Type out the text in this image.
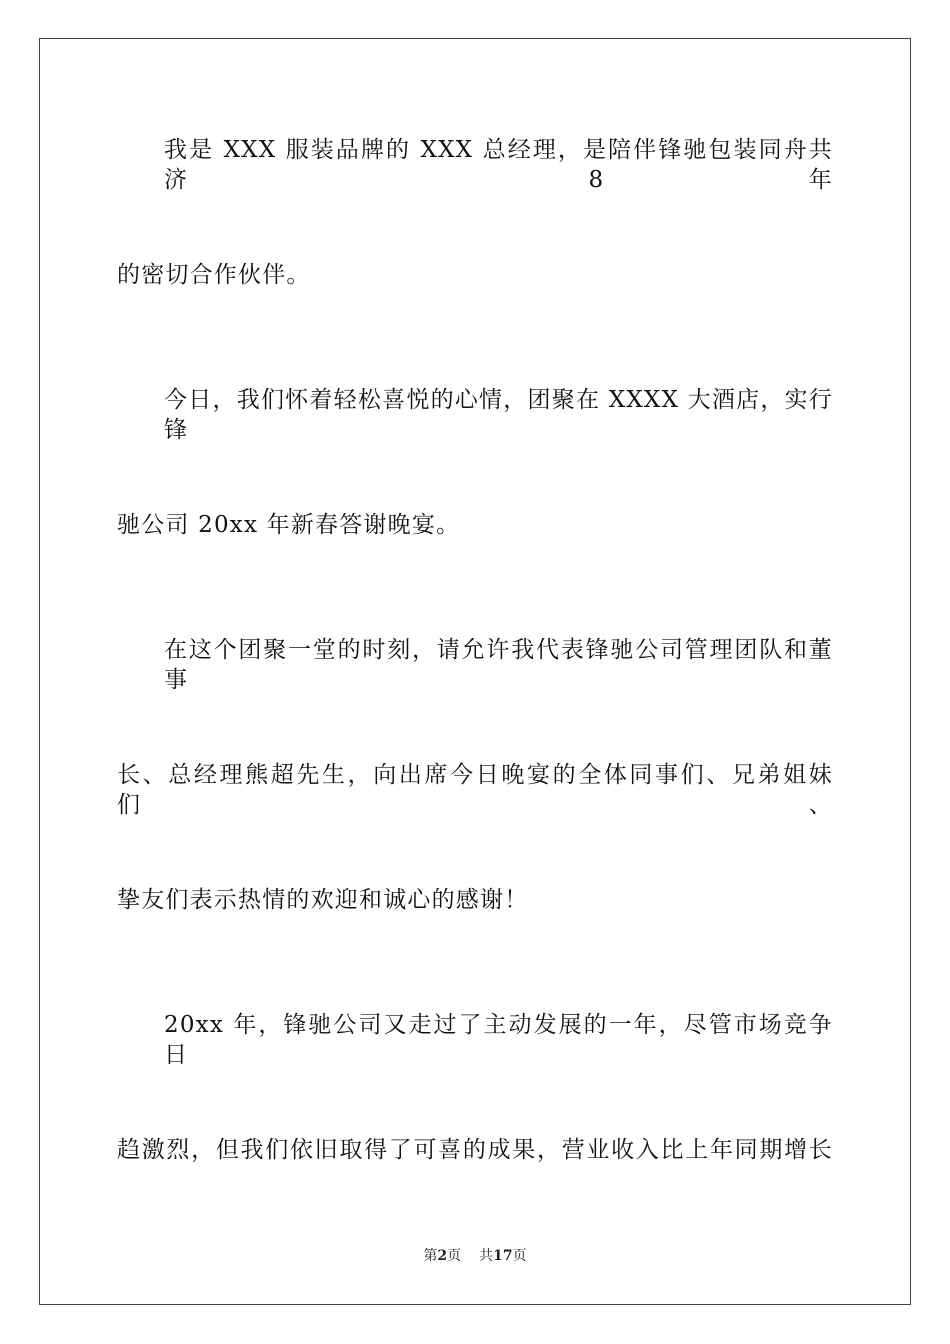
我是 XXX 服装品牌的 XXX 总经理，是陪伴锋驰包装同舟共济 8 年
的密切合作伙伴。
今日，我们怀着轻松喜悦的心情，团聚在 XXXX 大酒店，实行锋
驰公司 20xx 年新春答谢晚宴。
在这个团聚一堂的时刻，请允许我代表锋驰公司管理团队和董事
长、总经理熊超先生，向出席今日晚宴的全体同事们、兄弟姐妹们、
挚友们表示热情的欢迎和诚心的感谢！
20xx 年，锋驰公司又走过了主动发展的一年，尽管市场竞争日
趋激烈，但我们依旧取得了可喜的成果，营业收入比上年同期增长
第2页 共17页
